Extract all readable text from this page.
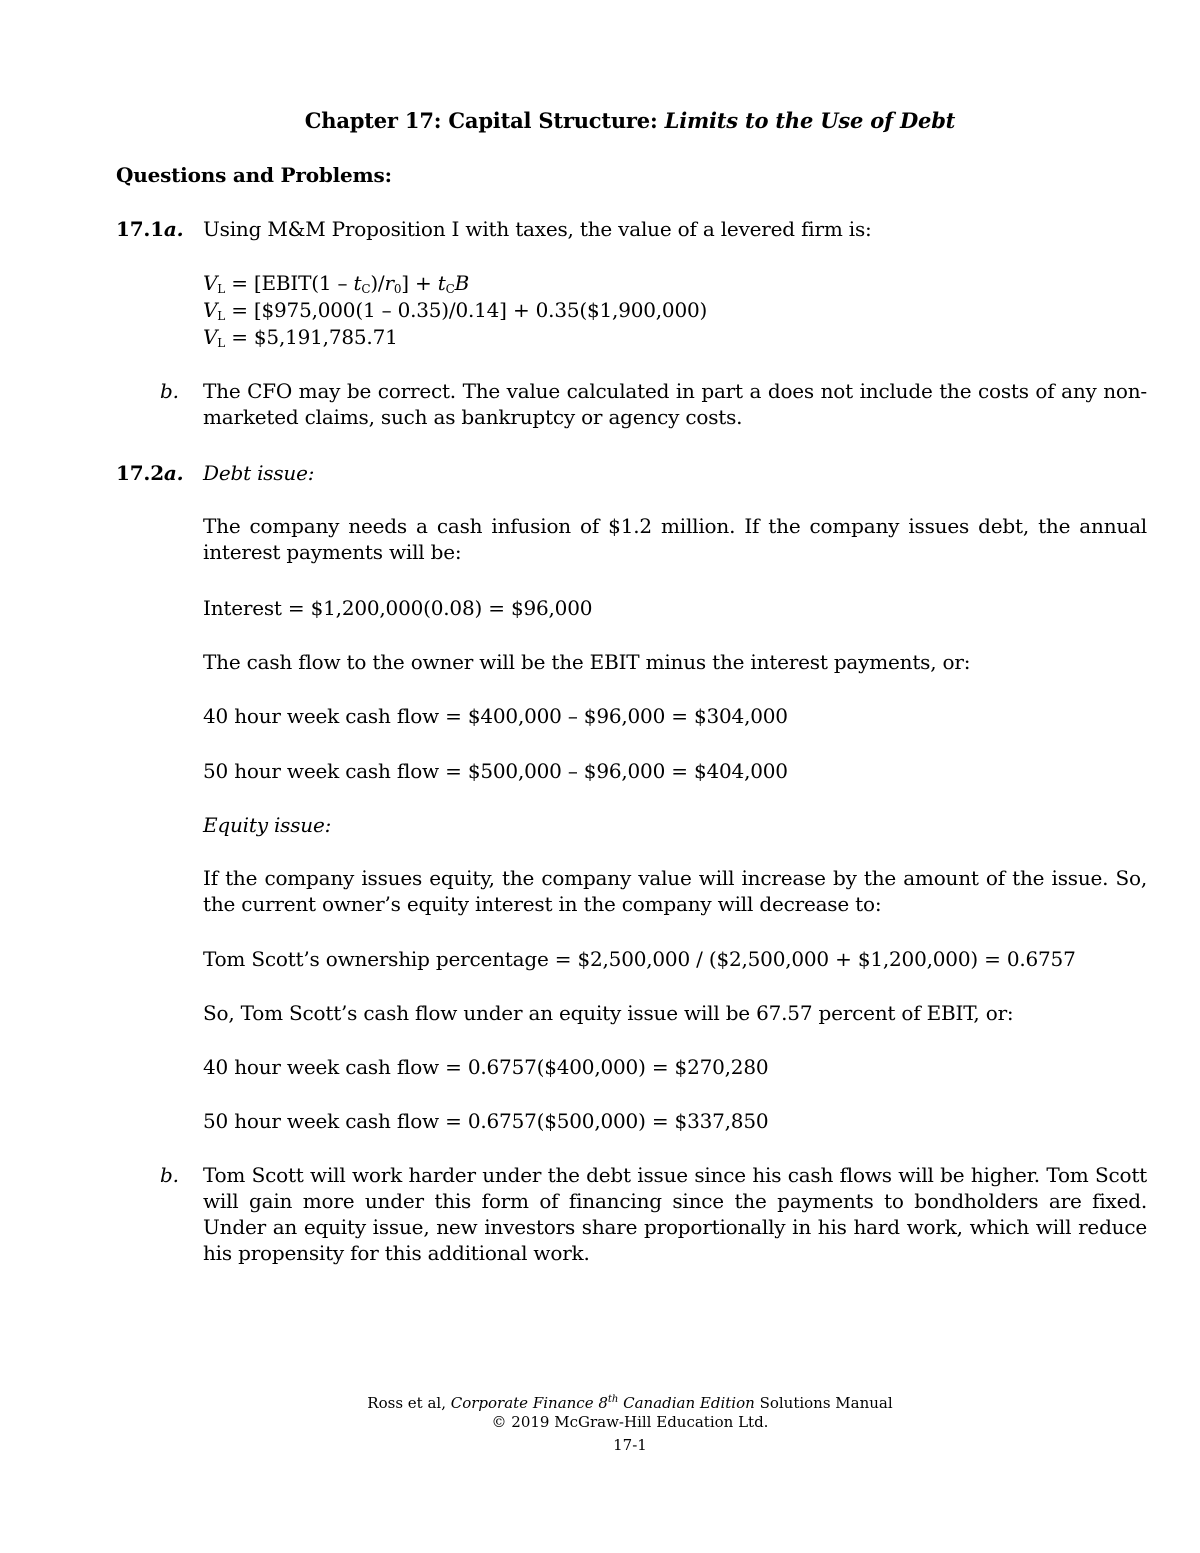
Chapter 17: Capital Structure: Limits to the Use of Debt
Questions and Problems:
17.1a. Using M&M Proposition I with taxes, the value of a levered firm is:
$V_L$ = [EBIT(1 – $t_C)/r_0] + t_CB$
$V_L$ = [$975,000(1 – 0.35)/0.14] + 0.35($1,900,000)
$V_L$ = $5,191,785.71
b. The CFO may be correct. The value calculated in part a does not include the costs of any non-marketed claims, such as bankruptcy or agency costs.
17.2a. Debt issue:
The company needs a cash infusion of $1.2 million. If the company issues debt, the annual interest payments will be:
Interest = $1,200,000(0.08) = $96,000
The cash flow to the owner will be the EBIT minus the interest payments, or:
40 hour week cash flow = $400,000 – $96,000 = $304,000
50 hour week cash flow = $500,000 – $96,000 = $404,000
Equity issue:
If the company issues equity, the company value will increase by the amount of the issue. So, the current owner’s equity interest in the company will decrease to:
Tom Scott’s ownership percentage = $2,500,000 / ($2,500,000 + $1,200,000) = 0.6757
So, Tom Scott’s cash flow under an equity issue will be 67.57 percent of EBIT, or:
40 hour week cash flow = 0.6757($400,000) = $270,280
50 hour week cash flow = 0.6757($500,000) = $337,850
b. Tom Scott will work harder under the debt issue since his cash flows will be higher. Tom Scott will gain more under this form of financing since the payments to bondholders are fixed. Under an equity issue, new investors share proportionally in his hard work, which will reduce his propensity for this additional work.
Ross et al, Corporate Finance 8th Canadian Edition Solutions Manual
© 2019 McGraw-Hill Education Ltd.
17-1
